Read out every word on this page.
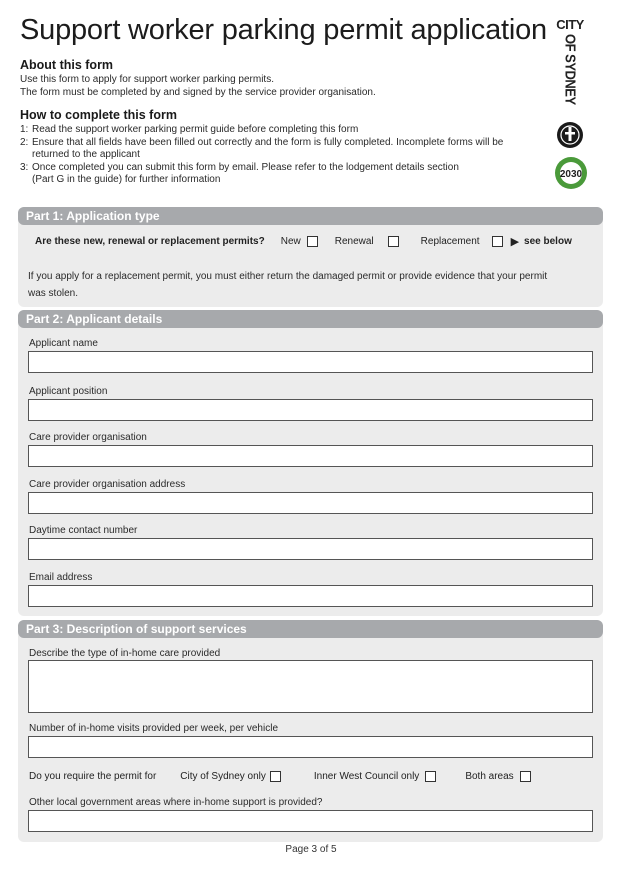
Support worker parking permit application CITY
OF SYDNEY
2030
About this form

Use this form to apply for support worker parking permits.

The form must be completed by and signed by the service provider organisation.

How to complete this form
1: Read the support worker parking permit guide before completing this form
2: Ensure that all fields have been filled out correctly and the form is fully completed. Incomplete forms will be returned to the applicant
3: Once completed you can submit this form by email. Please refer to the lodgement details section (Part G in the guide) for further information
Part 1: Application type
Are these new, renewal or replacement permits? New	Renewal	Replacement	▶ see below

If you apply for a replacement permit, you must either return the damaged permit or provide evidence that your permit was stolen.

Part 2: Applicant details
Applicant name
Applicant position
Care provider organisation
Care provider organisation address
Daytime contact number
Email address
Part 3: Description of support services
Describe the type of in-home care provided
Number of in-home visits provided per week, per vehicle
Do you require the permit for City of Sydney only	Inner West Council only	Both areas
Other local government areas where in-home support is provided?
Page 3 of 5
